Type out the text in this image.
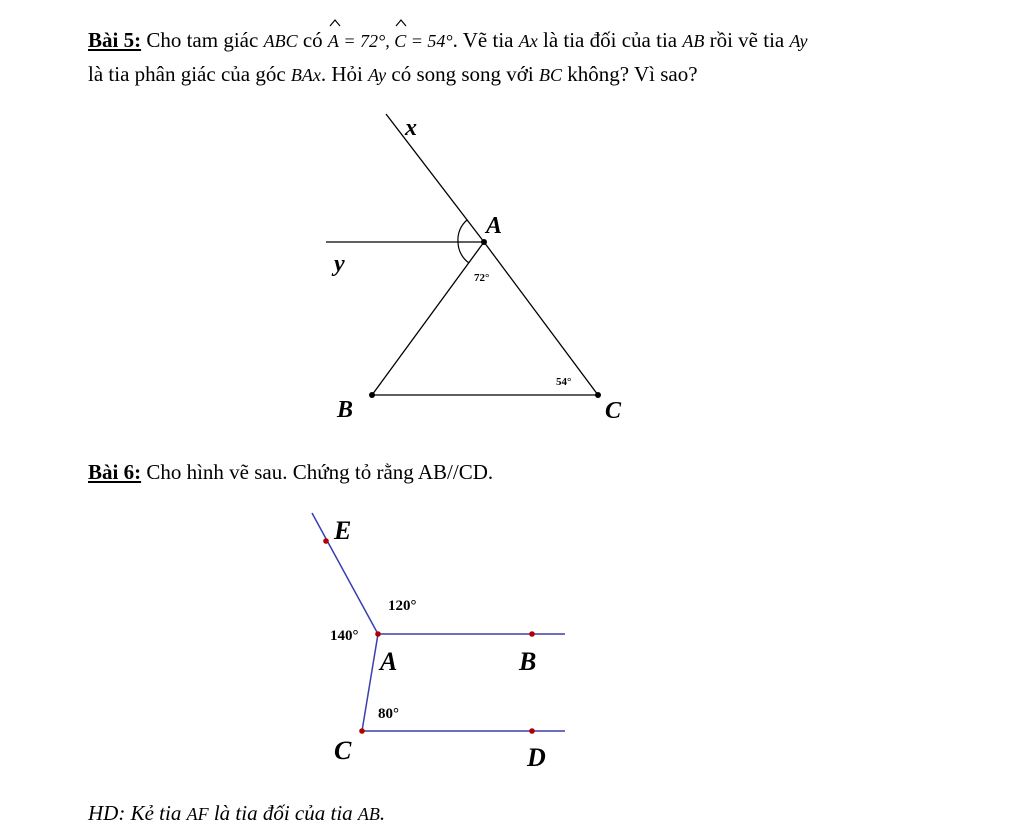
Bài 5: Cho tam giác ABC có
A = 72°,
C = 54°. Vẽ tia Ax là tia đối của tia AB rồi vẽ tia Ay

là tia phân giác của góc BAx. Hỏi Ay có song song với BC không? Vì sao?

x
A
y
B	C
72°
54°

Bài 6: Cho hình vẽ sau. Chứng tỏ rằng AB//CD.

E
A	B
C	D
120°
140°
80°

HD: Kẻ tia AF là tia đối của tia AB.
